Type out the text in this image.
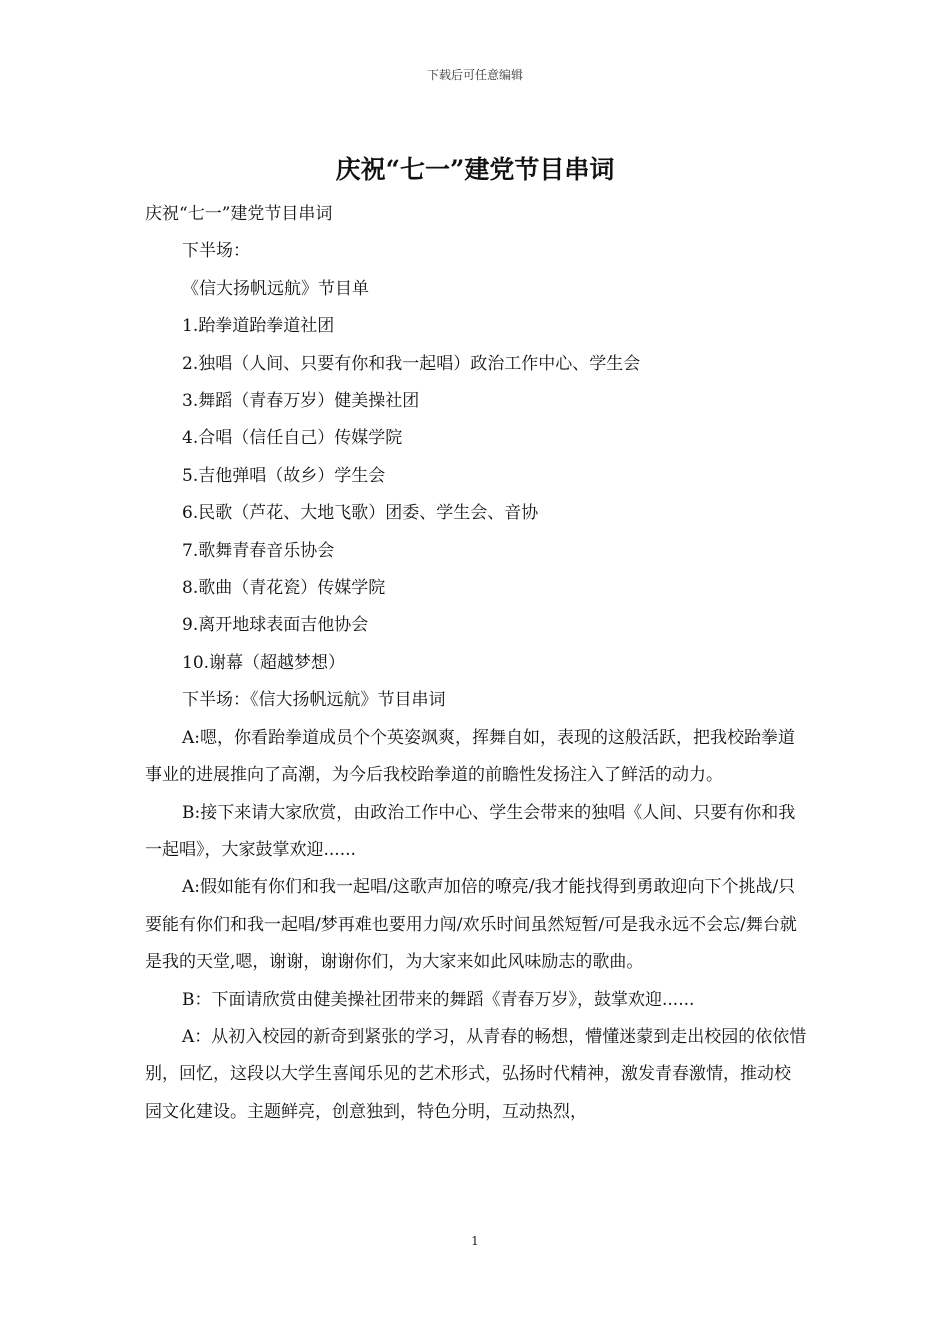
下载后可任意编辑
庆祝“七一”建党节目串词

庆祝“七一”建党节目串词

下半场：

《信大扬帆远航》节目单

1.跆拳道跆拳道社团

2.独唱（人间、只要有你和我一起唱）政治工作中心、学生会

3.舞蹈（青春万岁）健美操社团

4.合唱（信任自己）传媒学院

5.吉他弹唱（故乡）学生会

6.民歌（芦花、大地飞歌）团委、学生会、音协

7.歌舞青春音乐协会

8.歌曲（青花瓷）传媒学院

9.离开地球表面吉他协会

10.谢幕（超越梦想）

下半场：《信大扬帆远航》节目串词

A:嗯，你看跆拳道成员个个英姿飒爽，挥舞自如，表现的这般活跃，把我校跆拳道事业的进展推向了高潮，为今后我校跆拳道的前瞻性发扬注入了鲜活的动力。

B:接下来请大家欣赏，由政治工作中心、学生会带来的独唱《人间、只要有你和我一起唱》，大家鼓掌欢迎......

A:假如能有你们和我一起唱/这歌声加倍的嘹亮/我才能找得到勇敢迎向下个挑战/只要能有你们和我一起唱/梦再难也要用力闯/欢乐时间虽然短暂/可是我永远不会忘/舞台就是我的天堂,嗯，谢谢，谢谢你们，为大家来如此风味励志的歌曲。

B：下面请欣赏由健美操社团带来的舞蹈《青春万岁》，鼓掌欢迎......

A：从初入校园的新奇到紧张的学习，从青春的畅想，懵懂迷蒙到走出校园的依依惜别，回忆，这段以大学生喜闻乐见的艺术形式，弘扬时代精神，激发青春激情，推动校园文化建设。主题鲜亮，创意独到，特色分明，互动热烈，

1
